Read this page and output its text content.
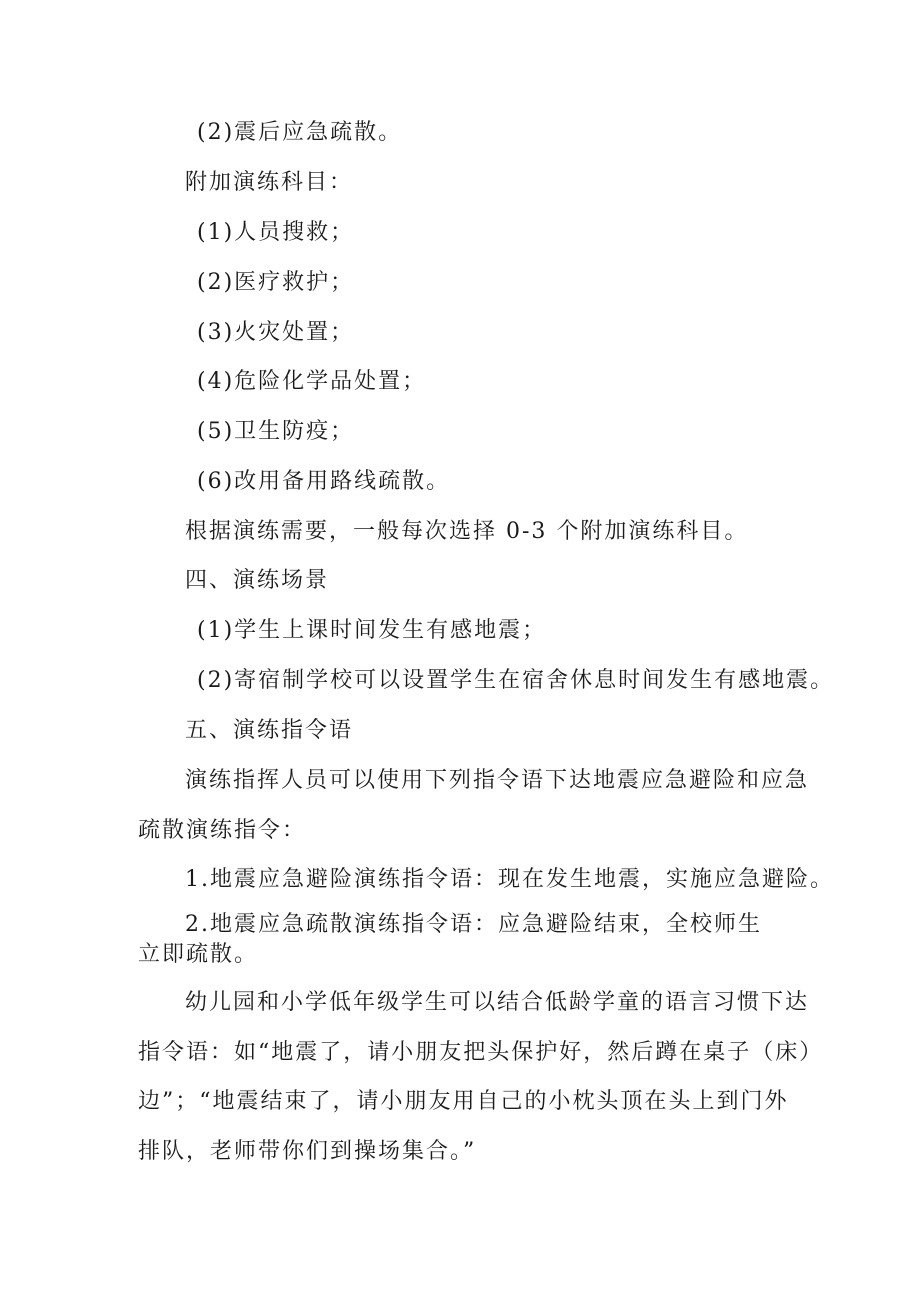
(2)震后应急疏散。
附加演练科目：
(1)人员搜救；
(2)医疗救护；
(3)火灾处置；
(4)危险化学品处置；
(5)卫生防疫；
(6)改用备用路线疏散。
根据演练需要，一般每次选择 0-3 个附加演练科目。
四、演练场景
(1)学生上课时间发生有感地震；
(2)寄宿制学校可以设置学生在宿舍休息时间发生有感地震。
五、演练指令语
演练指挥人员可以使用下列指令语下达地震应急避险和应急
疏散演练指令：
1.地震应急避险演练指令语：现在发生地震，实施应急避险。
2.地震应急疏散演练指令语：应急避险结束，全校师生
立即疏散。
幼儿园和小学低年级学生可以结合低龄学童的语言习惯下达
指令语：如“地震了，请小朋友把头保护好，然后蹲在桌子（床）
边”；“地震结束了，请小朋友用自己的小枕头顶在头上到门外
排队，老师带你们到操场集合。”
